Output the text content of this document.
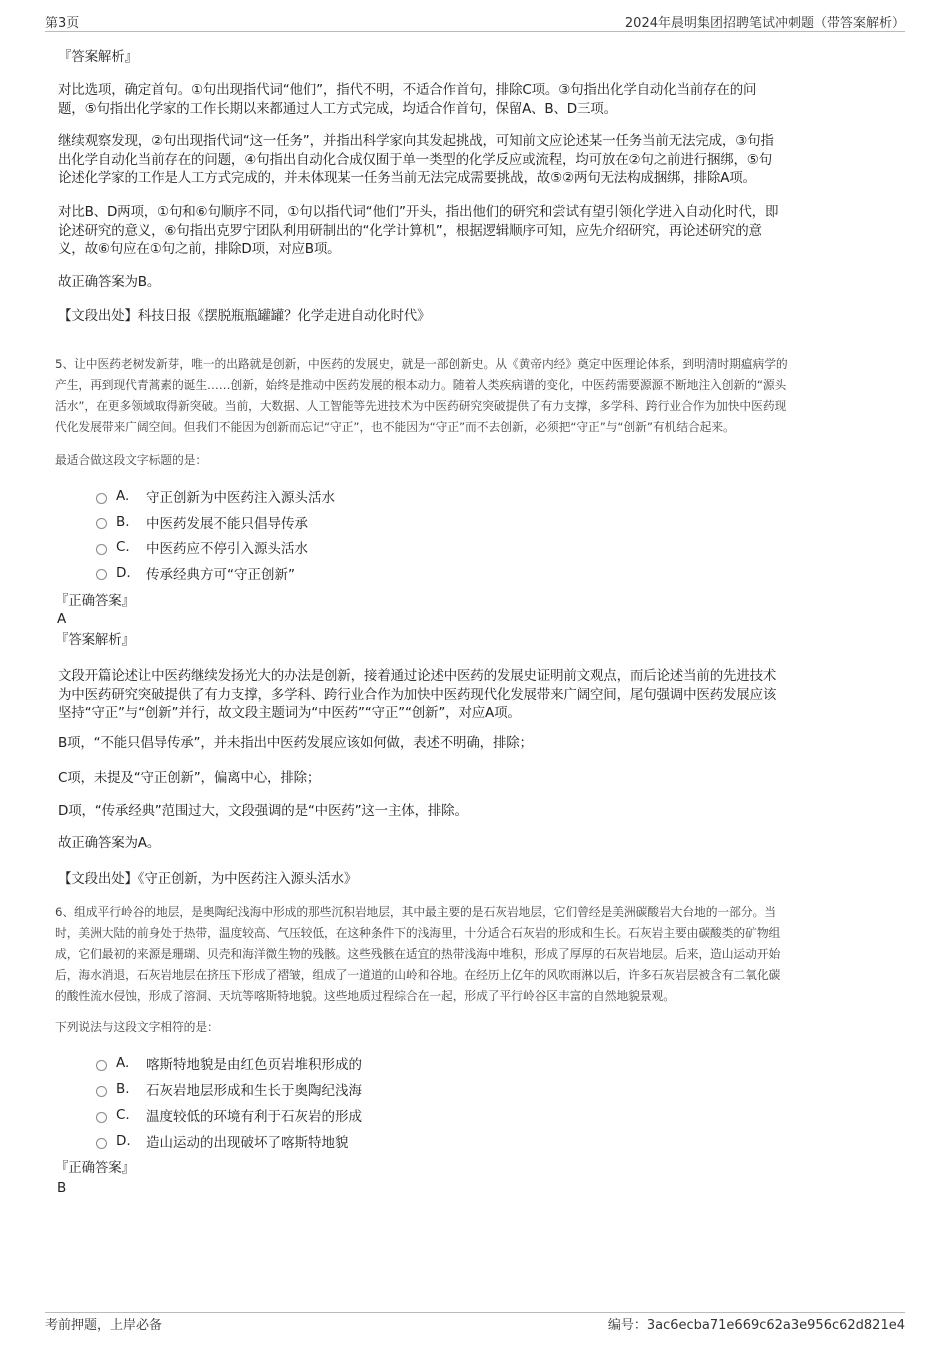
第3页	2024年晨明集团招聘笔试冲刺题（带答案解析）
『答案解析』
对比选项，确定首句。①句出现指代词“他们”，指代不明，不适合作首句，排除C项。③句指出化学自动化当前存在的问
题，⑤句指出化学家的工作长期以来都通过人工方式完成，均适合作首句，保留A、B、D三项。
继续观察发现，②句出现指代词“这一任务”，并指出科学家向其发起挑战，可知前文应论述某一任务当前无法完成，③句指
出化学自动化当前存在的问题，④句指出自动化合成仅囿于单一类型的化学反应或流程，均可放在②句之前进行捆绑，⑤句
论述化学家的工作是人工方式完成的，并未体现某一任务当前无法完成需要挑战，故⑤②两句无法构成捆绑，排除A项。
对比B、D两项，①句和⑥句顺序不同，①句以指代词“他们”开头，指出他们的研究和尝试有望引领化学进入自动化时代，即
论述研究的意义，⑥句指出克罗宁团队利用研制出的“化学计算机”，根据逻辑顺序可知，应先介绍研究，再论述研究的意
义，故⑥句应在①句之前，排除D项，对应B项。
故正确答案为B。
【文段出处】科技日报《摆脱瓶瓶罐罐？化学走进自动化时代》
5、让中医药老树发新芽，唯一的出路就是创新，中医药的发展史，就是一部创新史。从《黄帝内经》奠定中医理论体系，到明清时期瘟病学的
产生，再到现代青蒿素的诞生……创新，始终是推动中医药发展的根本动力。随着人类疾病谱的变化，中医药需要源源不断地注入创新的“源头
活水”，在更多领域取得新突破。当前，大数据、人工智能等先进技术为中医药研究突破提供了有力支撑，多学科、跨行业合作为加快中医药现
代化发展带来广阔空间。但我们不能因为创新而忘记“守正”，也不能因为“守正”而不去创新，必须把“守正”与“创新”有机结合起来。
最适合做这段文字标题的是：
A.	守正创新为中医药注入源头活水
B.	中医药发展不能只倡导传承
C.	中医药应不停引入源头活水
D.	传承经典方可“守正创新”
『正确答案』
A
『答案解析』
文段开篇论述让中医药继续发扬光大的办法是创新，接着通过论述中医药的发展史证明前文观点，而后论述当前的先进技术
为中医药研究突破提供了有力支撑，多学科、跨行业合作为加快中医药现代化发展带来广阔空间，尾句强调中医药发展应该
坚持“守正”与“创新”并行，故文段主题词为“中医药”“守正”“创新”，对应A项。
B项，“不能只倡导传承”，并未指出中医药发展应该如何做，表述不明确，排除；
C项，未提及“守正创新”，偏离中心，排除；
D项，“传承经典”范围过大，文段强调的是“中医药”这一主体，排除。
故正确答案为A。
【文段出处】《守正创新，为中医药注入源头活水》
6、组成平行岭谷的地层，是奥陶纪浅海中形成的那些沉积岩地层，其中最主要的是石灰岩地层，它们曾经是美洲碳酸岩大台地的一部分。当
时，美洲大陆的前身处于热带，温度较高、气压较低，在这种条件下的浅海里，十分适合石灰岩的形成和生长。石灰岩主要由碳酸类的矿物组
成，它们最初的来源是珊瑚、贝壳和海洋微生物的残骸。这些残骸在适宜的热带浅海中堆积，形成了厚厚的石灰岩地层。后来，造山运动开始
后，海水消退，石灰岩地层在挤压下形成了褶皱，组成了一道道的山岭和谷地。在经历上亿年的风吹雨淋以后，许多石灰岩层被含有二氧化碳
的酸性流水侵蚀，形成了溶洞、天坑等喀斯特地貌。这些地质过程综合在一起，形成了平行岭谷区丰富的自然地貌景观。
下列说法与这段文字相符的是：
A.	喀斯特地貌是由红色页岩堆积形成的
B.	石灰岩地层形成和生长于奥陶纪浅海
C.	温度较低的环境有利于石灰岩的形成
D.	造山运动的出现破坏了喀斯特地貌
『正确答案』
B
考前押题，上岸必备	编号：3ac6ecba71e669c62a3e956c62d821e4
